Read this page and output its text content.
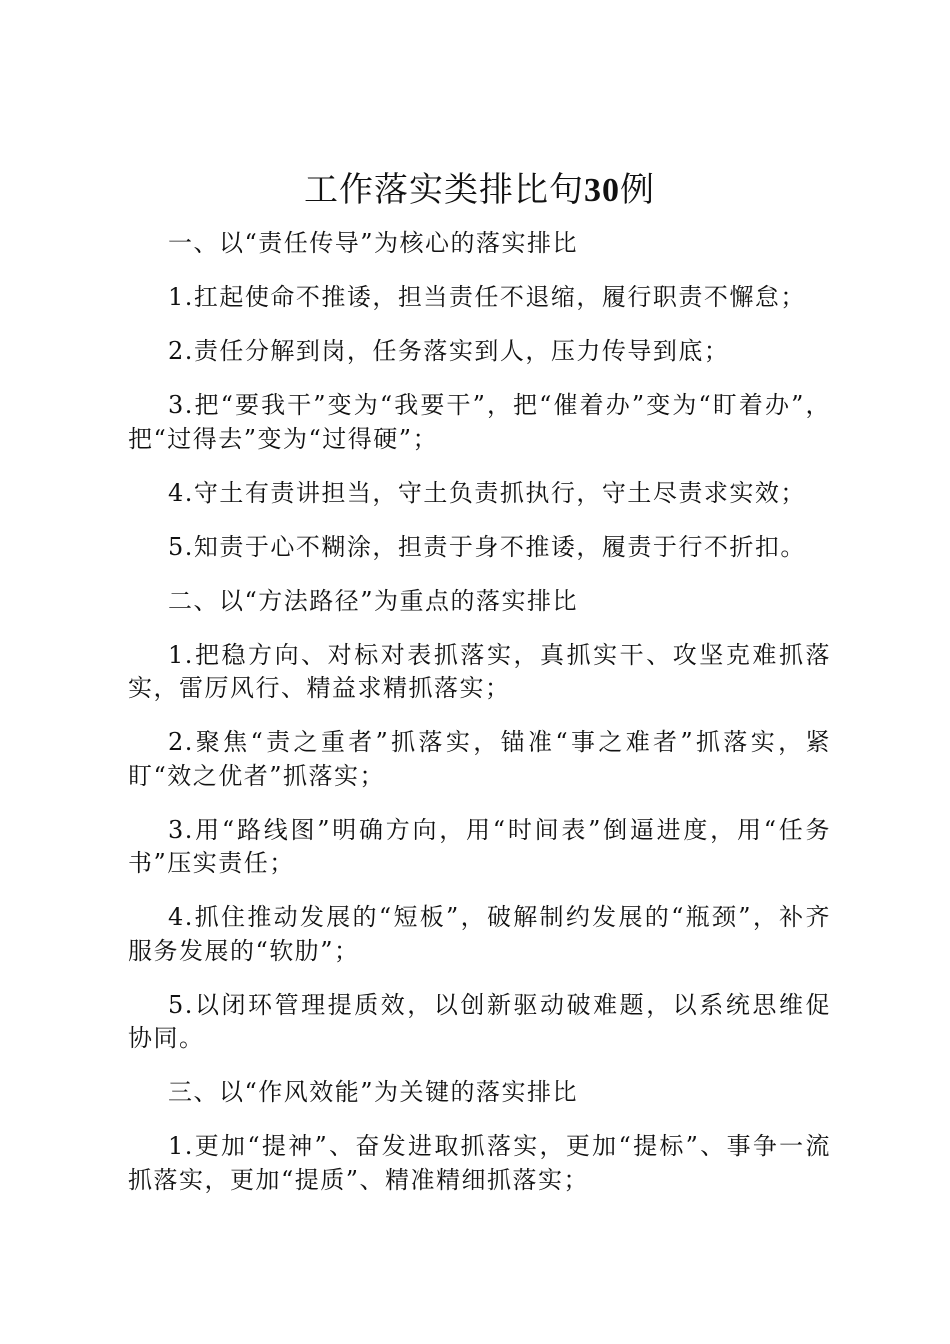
工作落实类排比句30例

一、以“责任传导”为核心的落实排比

1.扛起使命不推诿，担当责任不退缩，履行职责不懈怠；

2.责任分解到岗，任务落实到人，压力传导到底；

3.把“要我干”变为“我要干”，把“催着办”变为“盯着办”，把“过得去”变为“过得硬”；

4.守土有责讲担当，守土负责抓执行，守土尽责求实效；

5.知责于心不糊涂，担责于身不推诿，履责于行不折扣。

二、以“方法路径”为重点的落实排比

1.把稳方向、对标对表抓落实，真抓实干、攻坚克难抓落实，雷厉风行、精益求精抓落实；

2.聚焦“责之重者”抓落实，锚准“事之难者”抓落实，紧盯“效之优者”抓落实；

3.用“路线图”明确方向，用“时间表”倒逼进度，用“任务书”压实责任；

4.抓住推动发展的“短板”，破解制约发展的“瓶颈”，补齐服务发展的“软肋”；

5.以闭环管理提质效，以创新驱动破难题，以系统思维促协同。

三、以“作风效能”为关键的落实排比

1.更加“提神”、奋发进取抓落实，更加“提标”、事争一流抓落实，更加“提质”、精准精细抓落实；
